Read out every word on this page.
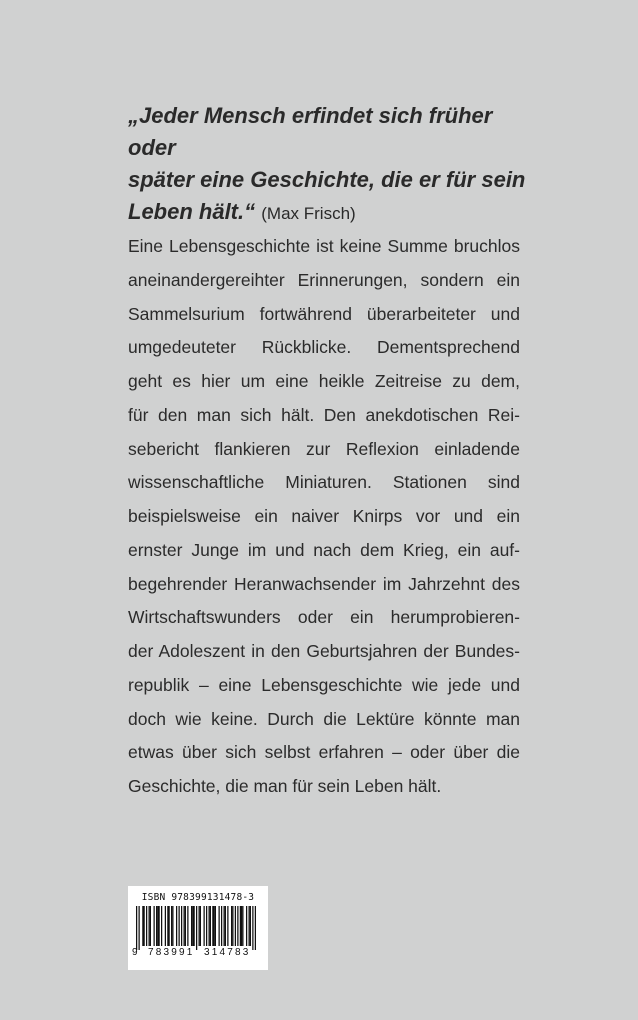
„Jeder Mensch erfindet sich früher oder
später eine Geschichte, die er für sein
Leben hält.“ (Max Frisch)
Eine Lebensgeschichte ist keine Summe bruchlos
aneinandergereihter Erinnerungen, sondern ein
Sammelsurium fortwährend überarbeiteter und
umgedeuteter Rückblicke. Dementsprechend
geht es hier um eine heikle Zeitreise zu dem,
für den man sich hält. Den anekdotischen Rei-
sebericht flankieren zur Reflexion einladende
wissenschaftliche Miniaturen. Stationen sind
beispielsweise ein naiver Knirps vor und ein
ernster Junge im und nach dem Krieg, ein auf-
begehrender Heranwachsender im Jahrzehnt des
Wirtschaftswunders oder ein herumprobieren-
der Adoleszent in den Geburtsjahren der Bundes-
republik – eine Lebensgeschichte wie jede und
doch wie keine. Durch die Lektüre könnte man
etwas über sich selbst erfahren – oder über die
Geschichte, die man für sein Leben hält.
ISBN 978399131478-3
9 783991 314783
